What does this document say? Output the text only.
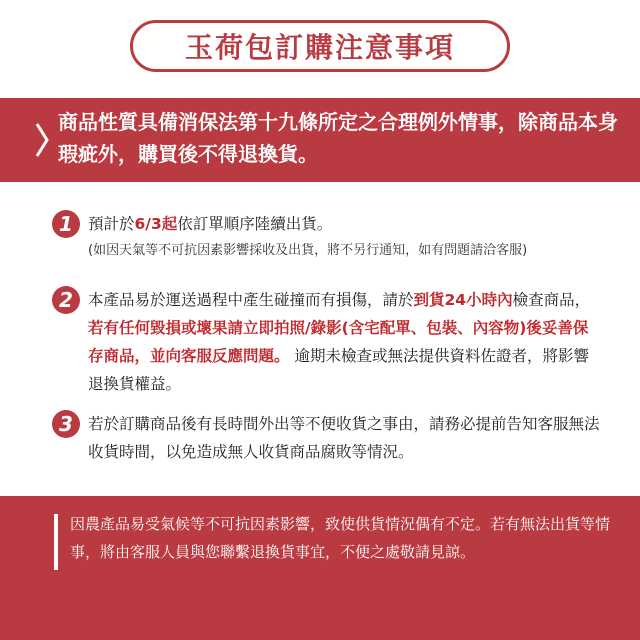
玉荷包訂購注意事項
商品性質具備消保法第十九條所定之合理例外情事，除商品本身瑕疵外，購買後不得退換貨。
1 預計於6/3起依訂單順序陸續出貨。
(如因天氣等不可抗因素影響採收及出貨，將不另行通知，如有問題請洽客服)
2 本產品易於運送過程中產生碰撞而有損傷，請於到貨24小時內檢查商品，若有任何毀損或壞果請立即拍照/錄影(含宅配單、包裝、內容物)後妥善保存商品，並向客服反應問題。 逾期未檢查或無法提供資料佐證者，將影響退換貨權益。
3 若於訂購商品後有長時間外出等不便收貨之事由，請務必提前告知客服無法收貨時間，以免造成無人收貨商品腐敗等情況。
因農產品易受氣候等不可抗因素影響，致使供貨情況偶有不定。若有無法出貨等情事，將由客服人員與您聯繫退換貨事宜，不便之處敬請見諒。
